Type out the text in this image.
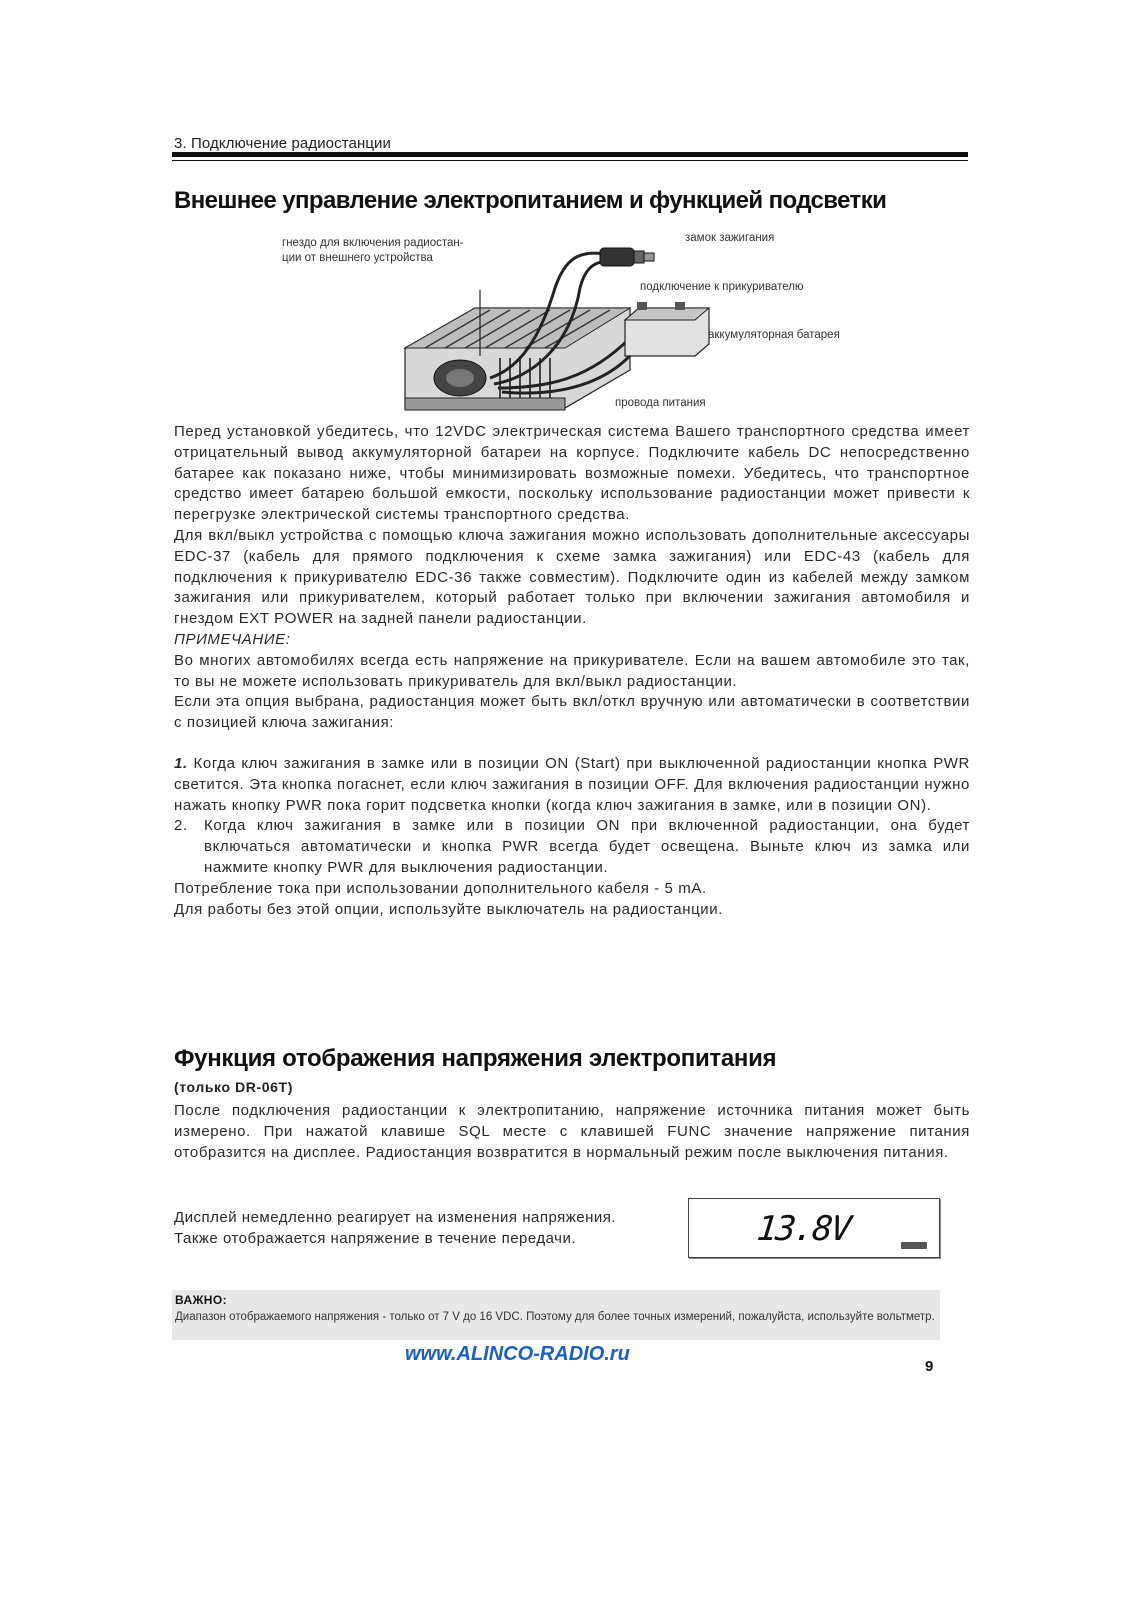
3. Подключение радиостанции
Внешнее управление электропитанием и функцией подсветки
гнездо для включения радиостан-
ции от внешнего устройства
замок зажигания
подключение к прикуривателю
аккумуляторная батарея
провода питания

Перед установкой убедитесь, что 12VDC электрическая система Вашего транспортного средства имеет отрицательный вывод аккумуляторной батареи на корпусе. Подключите кабель DC непосредственно батарее как показано ниже, чтобы минимизировать возможные помехи. Убедитесь, что транспортное средство имеет батарею большой емкости, поскольку использование радиостанции может привести к перегрузке электрической системы транспортного средства.

Для вкл/выкл устройства с помощью ключа зажигания можно использовать дополнительные аксессуары EDC-37 (кабель для прямого подключения к схеме замка зажигания) или EDC-43 (кабель для подключения к прикуривателю EDC-36 также совместим). Подключите один из кабелей между замком зажигания или прикуривателем, который работает только при включении зажигания автомобиля и гнездом EXT POWER на задней панели радиостанции.

ПРИМЕЧАНИЕ:

Во многих автомобилях всегда есть напряжение на прикуривателе. Если на вашем автомобиле это так, то вы не можете использовать прикуриватель для вкл/выкл радиостанции.

Если эта опция выбрана, радиостанция может быть вкл/откл вручную или автоматически в соответствии с позицией ключа зажигания:

1. Когда ключ зажигания в замке или в позиции ON (Start) при выключенной радиостанции кнопка PWR светится. Эта кнопка погаснет, если ключ зажигания в позиции OFF. Для включения радиостанции нужно нажать кнопку PWR пока горит подсветка кнопки (когда ключ зажигания в замке, или в позиции ON).

2. Когда ключ зажигания в замке или в позиции ON при включенной радиостанции, она будет включаться автоматически и кнопка PWR всегда будет освещена. Выньте ключ из замка или нажмите кнопку PWR для выключения радиостанции.

Потребление тока при использовании дополнительного кабеля - 5 mA.

Для работы без этой опции, используйте выключатель на радиостанции.

Функция отображения напряжения электропитания
(только DR-06T)

После подключения радиостанции к электропитанию, напряжение источника питания может быть измерено. При нажатой клавише SQL месте с клавишей FUNC значение напряжение питания отобразится на дисплее. Радиостанция возвратится в нормальный режим после выключения питания.

Дисплей немедленно реагирует на изменения напряжения.
Также отображается напряжение в течение передачи.	13.8V
ВАЖНО:
Диапазон отображаемого напряжения - только от 7 V до 16 VDC. Поэтому для более точных измерений, пожалуйста, используйте вольтметр.
www.ALINCO-RADIO.ru
9
